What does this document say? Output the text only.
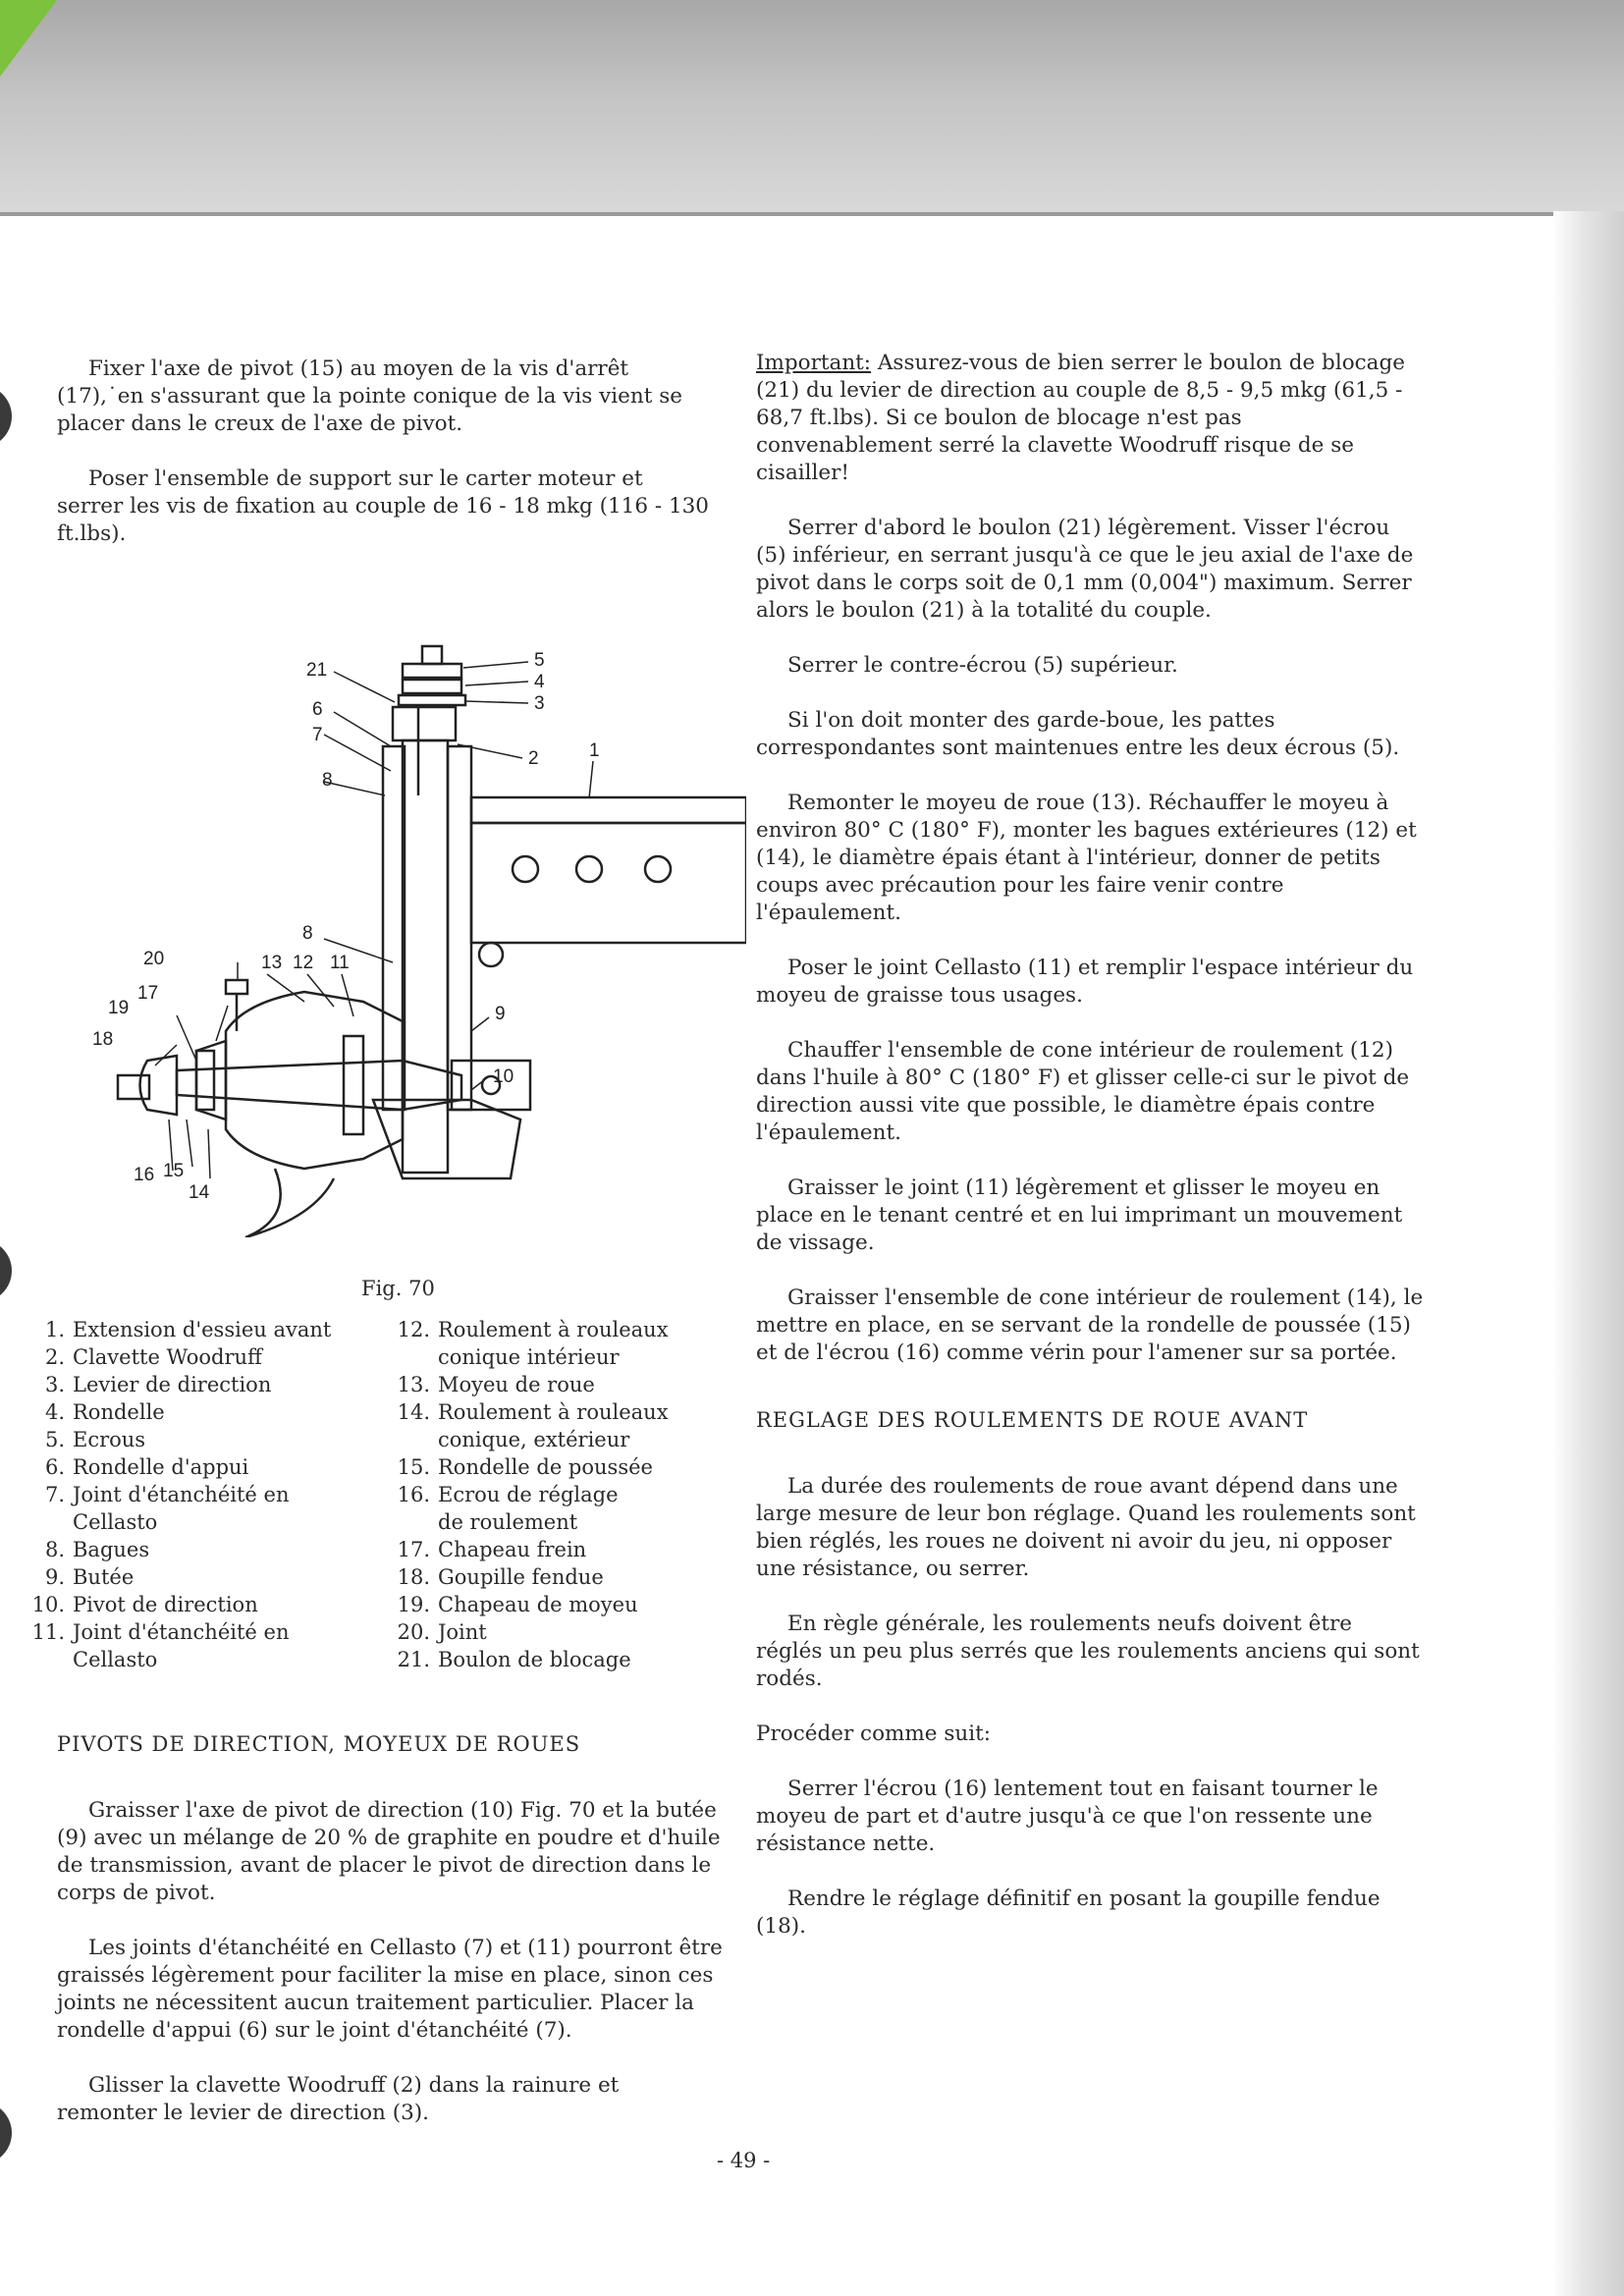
Fixer l'axe de pivot (15) au moyen de la vis d'arrêt (17),˙en s'assurant que la pointe conique de la vis vient se placer dans le creux de l'axe de pivot.

Poser l'ensemble de support sur le carter moteur et serrer les vis de fixation au couple de 16 - 18 mkg (116 - 130 ft.lbs).

21
6
7
8
5
4
3
2	1
8
20	13 12 11
17
19
18
9
10
16 15
14
Fig. 70
1. Extension d'essieu avant
2. Clavette Woodruff
3. Levier de direction
4. Rondelle
5. Ecrous
6. Rondelle d'appui
7. Joint d'étanchéité en
Cellasto
8. Bagues
9. Butée
10. Pivot de direction
11. Joint d'étanchéité en
Cellasto
12. Roulement à rouleaux
conique intérieur
13. Moyeu de roue
14. Roulement à rouleaux
conique, extérieur
15. Rondelle de poussée
16. Ecrou de réglage
de roulement
17. Chapeau frein
18. Goupille fendue
19. Chapeau de moyeu
20. Joint
21. Boulon de blocage
PIVOTS DE DIRECTION, MOYEUX DE ROUES

Graisser l'axe de pivot de direction (10) Fig. 70 et la butée (9) avec un mélange de 20 % de graphite en poudre et d'huile de transmission, avant de placer le pivot de direction dans le corps de pivot.

Les joints d'étanchéité en Cellasto (7) et (11) pourront être graissés légèrement pour faciliter la mise en place, sinon ces joints ne nécessitent aucun traitement particulier. Placer la rondelle d'appui (6) sur le joint d'étanchéité (7).

Glisser la clavette Woodruff (2) dans la rainure et remonter le levier de direction (3).

Important: Assurez-vous de bien serrer le boulon de blocage (21) du levier de direction au couple de 8,5 - 9,5 mkg (61,5 - 68,7 ft.lbs). Si ce boulon de blocage n'est pas convenablement serré la clavette Woodruff risque de se cisailler!

Serrer d'abord le boulon (21) légèrement. Visser l'écrou (5) inférieur, en serrant jusqu'à ce que le jeu axial de l'axe de pivot dans le corps soit de 0,1 mm (0,004") maximum. Serrer alors le boulon (21) à la totalité du couple.

Serrer le contre-écrou (5) supérieur.

Si l'on doit monter des garde-boue, les pattes correspondantes sont maintenues entre les deux écrous (5).

Remonter le moyeu de roue (13). Réchauffer le moyeu à environ 80° C (180° F), monter les bagues extérieures (12) et (14), le diamètre épais étant à l'intérieur, donner de petits coups avec précaution pour les faire venir contre l'épaulement.

Poser le joint Cellasto (11) et remplir l'espace intérieur du moyeu de graisse tous usages.

Chauffer l'ensemble de cone intérieur de roulement (12) dans l'huile à 80° C (180° F) et glisser celle-ci sur le pivot de direction aussi vite que possible, le diamètre épais contre l'épaulement.

Graisser le joint (11) légèrement et glisser le moyeu en place en le tenant centré et en lui imprimant un mouvement de vissage.

Graisser l'ensemble de cone intérieur de roulement (14), le mettre en place, en se servant de la rondelle de poussée (15) et de l'écrou (16) comme vérin pour l'amener sur sa portée.

REGLAGE DES ROULEMENTS DE ROUE AVANT

La durée des roulements de roue avant dépend dans une large mesure de leur bon réglage. Quand les roulements sont bien réglés, les roues ne doivent ni avoir du jeu, ni opposer une résistance, ou serrer.

En règle générale, les roulements neufs doivent être réglés un peu plus serrés que les roulements anciens qui sont rodés.

Procéder comme suit:

Serrer l'écrou (16) lentement tout en faisant tourner le moyeu de part et d'autre jusqu'à ce que l'on ressente une résistance nette.

Rendre le réglage définitif en posant la goupille fendue (18).

- 49 -
